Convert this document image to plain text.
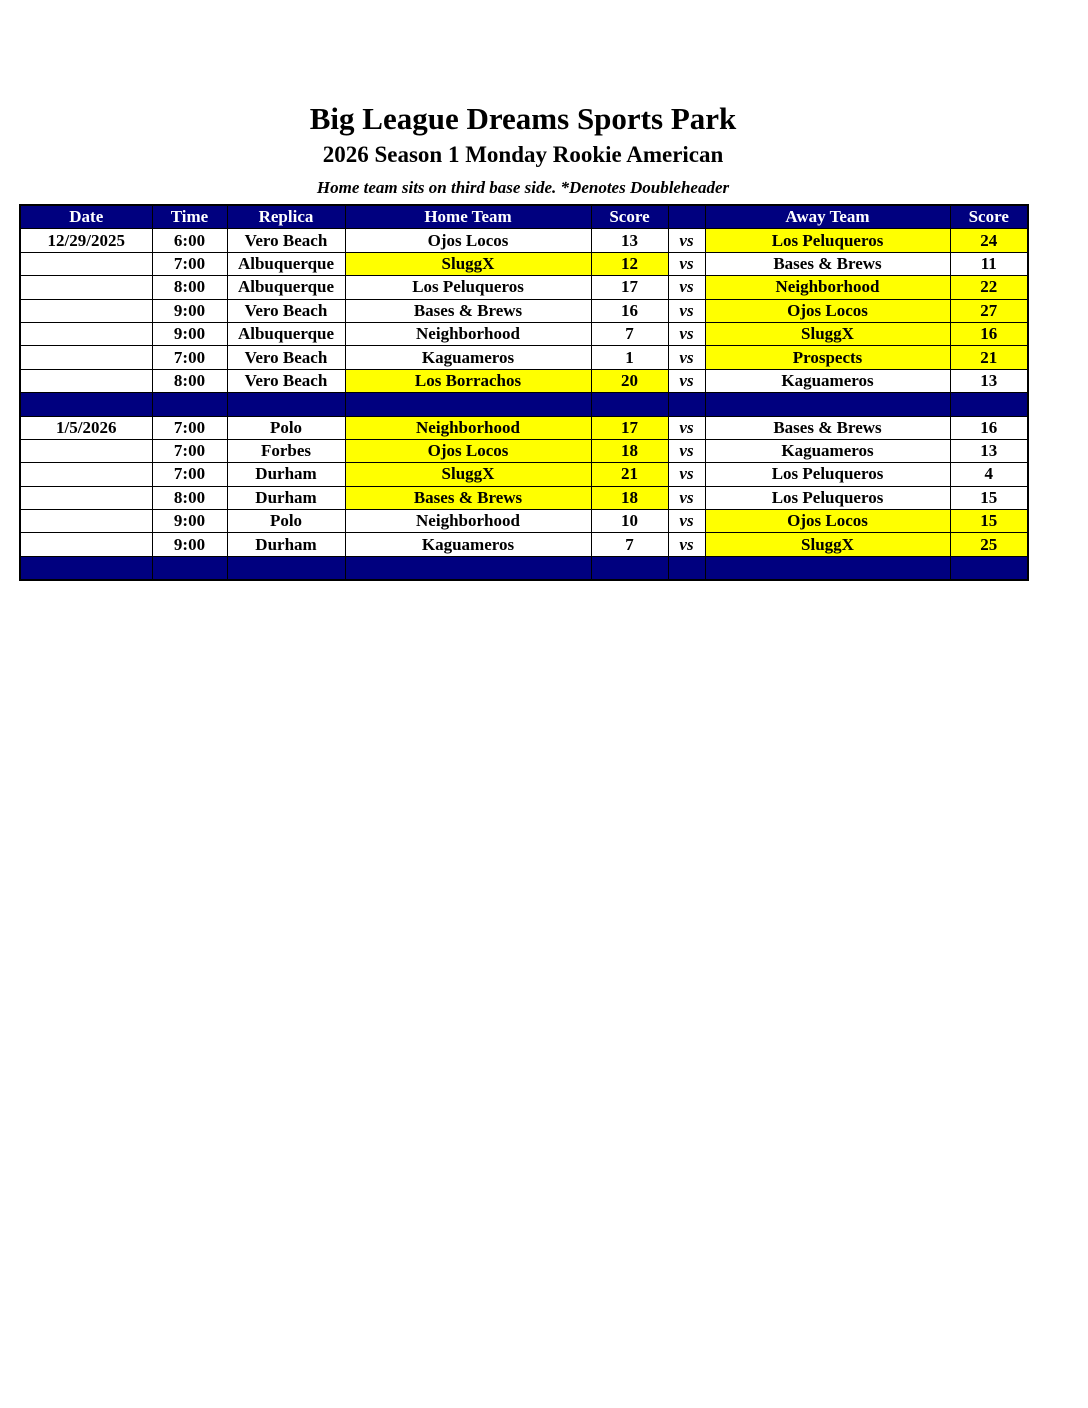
Big League Dreams Sports Park
2026 Season 1 Monday Rookie American
Home team sits on third base side. *Denotes Doubleheader
Date	Time	Replica	Home Team	Score		Away Team	Score
12/29/2025	6:00	Vero Beach	Ojos Locos	13	vs	Los Peluqueros	24
	7:00	Albuquerque	SluggX	12	vs	Bases & Brews	11
	8:00	Albuquerque	Los Peluqueros	17	vs	Neighborhood	22
	9:00	Vero Beach	Bases & Brews	16	vs	Ojos Locos	27
	9:00	Albuquerque	Neighborhood	7	vs	SluggX	16
	7:00	Vero Beach	Kaguameros	1	vs	Prospects	21
	8:00	Vero Beach	Los Borrachos	20	vs	Kaguameros	13

1/5/2026	7:00	Polo	Neighborhood	17	vs	Bases & Brews	16
	7:00	Forbes	Ojos Locos	18	vs	Kaguameros	13
	7:00	Durham	SluggX	21	vs	Los Peluqueros	4
	8:00	Durham	Bases & Brews	18	vs	Los Peluqueros	15
	9:00	Polo	Neighborhood	10	vs	Ojos Locos	15
	9:00	Durham	Kaguameros	7	vs	SluggX	25
